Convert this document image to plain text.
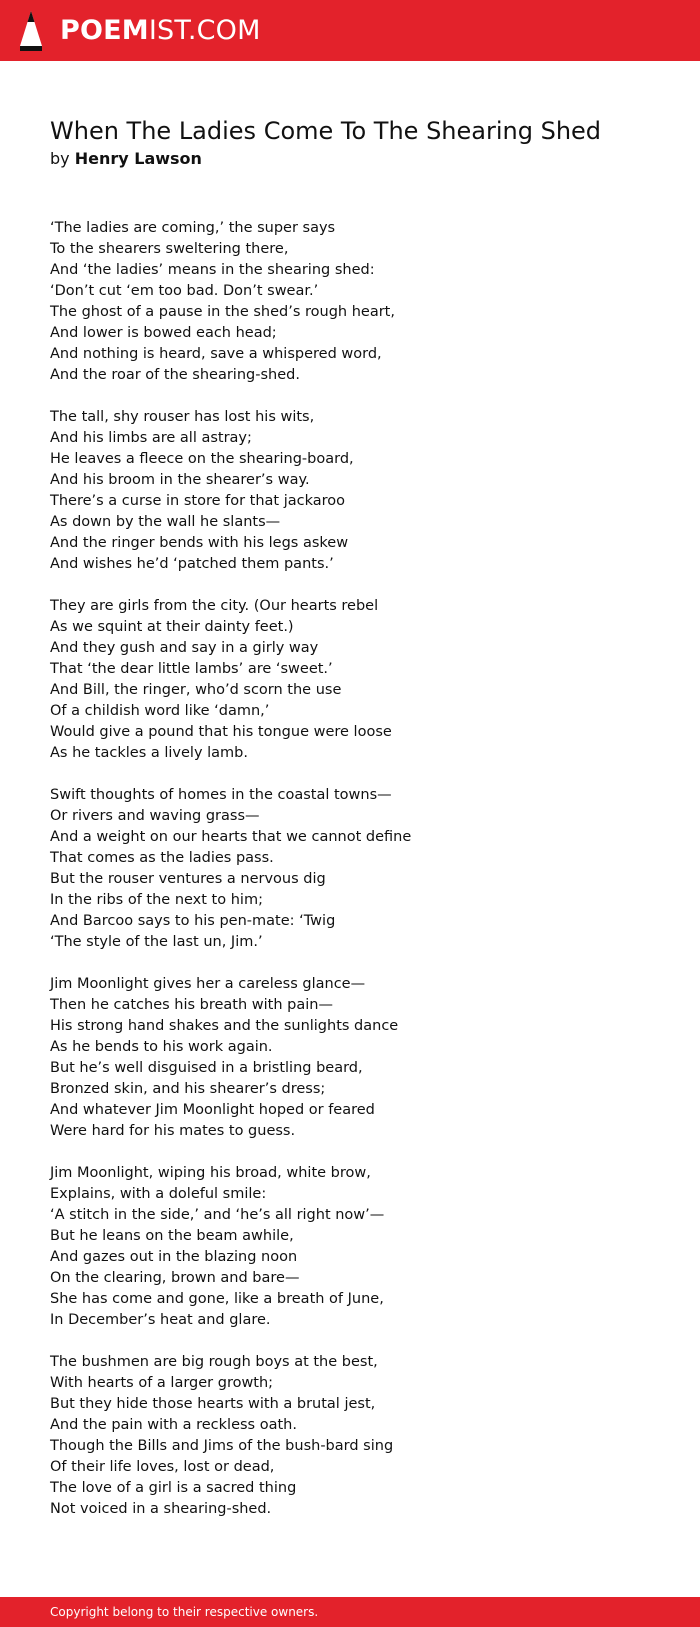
POEMIST.COM
When The Ladies Come To The Shearing Shed
by Henry Lawson
‘The ladies are coming,’ the super says
To the shearers sweltering there,
And ‘the ladies’ means in the shearing shed:
‘Don’t cut ‘em too bad. Don’t swear.’
The ghost of a pause in the shed’s rough heart,
And lower is bowed each head;
And nothing is heard, save a whispered word,
And the roar of the shearing-shed.
The tall, shy rouser has lost his wits,
And his limbs are all astray;
He leaves a fleece on the shearing-board,
And his broom in the shearer’s way.
There’s a curse in store for that jackaroo
As down by the wall he slants—
And the ringer bends with his legs askew
And wishes he’d ‘patched them pants.’
They are girls from the city. (Our hearts rebel
As we squint at their dainty feet.)
And they gush and say in a girly way
That ‘the dear little lambs’ are ‘sweet.’
And Bill, the ringer, who’d scorn the use
Of a childish word like ‘damn,’
Would give a pound that his tongue were loose
As he tackles a lively lamb.
Swift thoughts of homes in the coastal towns—
Or rivers and waving grass—
And a weight on our hearts that we cannot define
That comes as the ladies pass.
But the rouser ventures a nervous dig
In the ribs of the next to him;
And Barcoo says to his pen-mate: ‘Twig
‘The style of the last un, Jim.’
Jim Moonlight gives her a careless glance—
Then he catches his breath with pain—
His strong hand shakes and the sunlights dance
As he bends to his work again.
But he’s well disguised in a bristling beard,
Bronzed skin, and his shearer’s dress;
And whatever Jim Moonlight hoped or feared
Were hard for his mates to guess.
Jim Moonlight, wiping his broad, white brow,
Explains, with a doleful smile:
‘A stitch in the side,’ and ‘he’s all right now’—
But he leans on the beam awhile,
And gazes out in the blazing noon
On the clearing, brown and bare—
She has come and gone, like a breath of June,
In December’s heat and glare.
The bushmen are big rough boys at the best,
With hearts of a larger growth;
But they hide those hearts with a brutal jest,
And the pain with a reckless oath.
Though the Bills and Jims of the bush-bard sing
Of their life loves, lost or dead,
The love of a girl is a sacred thing
Not voiced in a shearing-shed.
Copyright belong to their respective owners.
